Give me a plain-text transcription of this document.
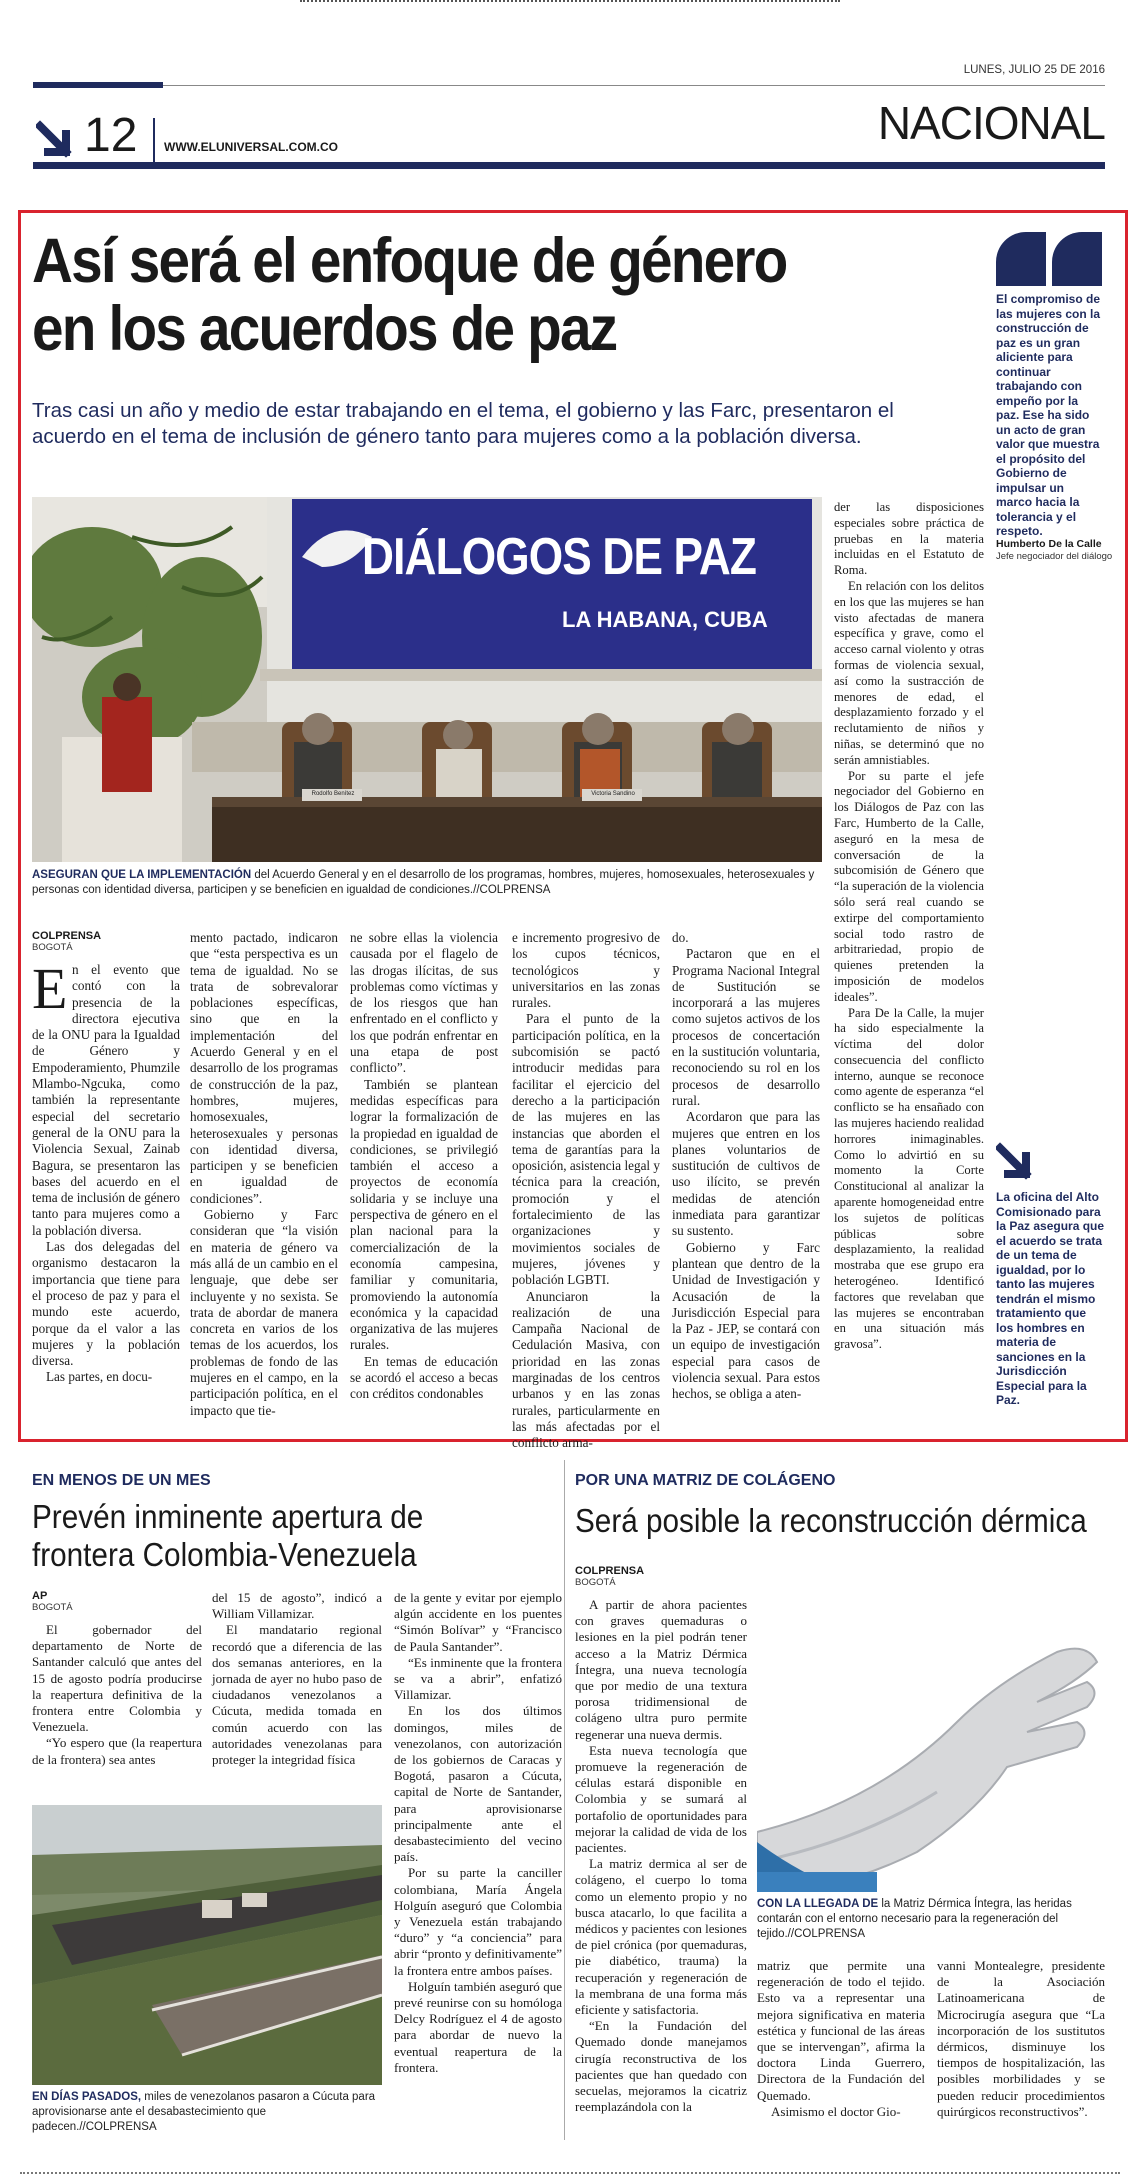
LUNES, JULIO 25 DE 2016
12 WWW.ELUNIVERSAL.COM.CO	NACIONAL
Así será el enfoque de género
en los acuerdos de paz
Tras casi un año y medio de estar trabajando en el tema, el gobierno y las Farc, presentaron el acuerdo en el tema de inclusión de género tanto para mujeres como a la población diversa.
El compromiso de las mujeres con la construcción de paz es un gran aliciente para continuar trabajando con empeño por la paz. Ese ha sido un acto de gran valor que muestra el propósito del Gobierno de impulsar un marco hacia la tolerancia y el respeto.
Humberto De la Calle
Jefe negociador del diálogo
DIÁLOGOS DE PAZ
LA HABANA, CUBA
Rodolfo Benítez	Victoria Sandino
ASEGURAN QUE LA IMPLEMENTACIÓN del Acuerdo General y en el desarrollo de los programas, hombres, mujeres, homosexuales, heterosexuales y personas con identidad diversa, participen y se beneficien en igualdad de condiciones.//COLPRENSA
COLPRENSA
BOGOTÁ
E n el evento que contó con la presencia de la directora ejecutiva de la ONU para la Igualdad de Género y Empoderamiento, Phumzile Mlambo-Ngcuka, como también la representante especial del secretario general de la ONU para la Violencia Sexual, Zainab Bagura, se presentaron las bases del acuerdo en el tema de inclusión de género tanto para mujeres como a la población diversa.

Las dos delegadas del organismo destacaron la importancia que tiene para el proceso de paz y para el mundo este acuerdo, porque da el valor a las mujeres y la población diversa.

Las partes, en docu-

mento pactado, indicaron que “esta perspectiva es un tema de igualdad. No se trata de sobrevalorar poblaciones específicas, sino que en la implementación del Acuerdo General y en el desarrollo de los programas de construcción de la paz, hombres, mujeres, homosexuales, heterosexuales y personas con identidad diversa, participen y se beneficien en igualdad de condiciones”.

Gobierno y Farc consideran que “la visión en materia de género va más allá de un cambio en el lenguaje, que debe ser incluyente y no sexista. Se trata de abordar de manera concreta en varios de los temas de los acuerdos, los problemas de fondo de las mujeres en el campo, en la participación política, en el impacto que tie-

ne sobre ellas la violencia causada por el flagelo de las drogas ilícitas, de sus problemas como víctimas y de los riesgos que han enfrentado en el conflicto y los que podrán enfrentar en una etapa de post conflicto”.

También se plantean medidas específicas para lograr la formalización de la propiedad en igualdad de condiciones, se privilegió también el acceso a proyectos de economía solidaria y se incluye una perspectiva de género en el plan nacional para la comercialización de la economía campesina, familiar y comunitaria, promoviendo la autonomía económica y la capacidad organizativa de las mujeres rurales.

En temas de educación se acordó el acceso a becas con créditos condonables

e incremento progresivo de los cupos técnicos, tecnológicos y universitarios en las zonas rurales.

Para el punto de la participación política, en la subcomisión se pactó introducir medidas para facilitar el ejercicio del derecho a la participación de las mujeres en las instancias que aborden el tema de garantías para la oposición, asistencia legal y técnica para la creación, promoción y el fortalecimiento de las organizaciones y movimientos sociales de mujeres, jóvenes y población LGBTI.

Anunciaron la realización de una Campaña Nacional de Cedulación Masiva, con prioridad en las zonas marginadas de los centros urbanos y en las zonas rurales, particularmente en las más afectadas por el conflicto arma-

do.

Pactaron que en el Programa Nacional Integral de Sustitución se incorporará a las mujeres como sujetos activos de los procesos de concertación en la sustitución voluntaria, reconociendo su rol en los procesos de desarrollo rural.

Acordaron que para las mujeres que entren en los planes voluntarios de sustitución de cultivos de uso ilícito, se prevén medidas de atención inmediata para garantizar su sustento.

Gobierno y Farc plantean que dentro de la Unidad de Investigación y Acusación de la Jurisdicción Especial para la Paz - JEP, se contará con un equipo de investigación especial para casos de violencia sexual. Para estos hechos, se obliga a aten-

der las disposiciones especiales sobre práctica de pruebas en la materia incluidas en el Estatuto de Roma.

En relación con los delitos en los que las mujeres se han visto afectadas de manera específica y grave, como el acceso carnal violento y otras formas de violencia sexual, así como la sustracción de menores de edad, el desplazamiento forzado y el reclutamiento de niños y niñas, se determinó que no serán amnistiables.

Por su parte el jefe negociador del Gobierno en los Diálogos de Paz con las Farc, Humberto de la Calle, aseguró en la mesa de conversación de la subcomisión de Género que “la superación de la violencia sólo será real cuando se extirpe del comportamiento social todo rastro de arbitrariedad, propio de quienes pretenden la imposición de modelos ideales”.

Para De la Calle, la mujer ha sido especialmente la víctima del dolor consecuencia del conflicto interno, aunque se reconoce como agente de esperanza “el conflicto se ha ensañado con las mujeres haciendo realidad horrores inimaginables. Como lo advirtió en su momento la Corte Constitucional al analizar la aparente homogeneidad entre los sujetos de políticas públicas sobre desplazamiento, la realidad mostraba que ese grupo era heterogéneo. Identificó factores que revelaban que las mujeres se encontraban en una situación más gravosa”.

La oficina del Alto Comisionado para la Paz asegura que el acuerdo se trata de un tema de igualdad, por lo tanto las mujeres tendrán el mismo tratamiento que los hombres en materia de sanciones en la Jurisdicción Especial para la Paz.
EN MENOS DE UN MES
Prevén inminente apertura de
frontera Colombia-Venezuela
AP
BOGOTÁ

El gobernador del departamento de Norte de Santander calculó que antes del 15 de agosto podría producirse la reapertura definitiva de la frontera entre Colombia y Venezuela.

“Yo espero que (la reapertura de la frontera) sea antes

del 15 de agosto”, indicó a William Villamizar.

El mandatario regional recordó que a diferencia de las dos semanas anteriores, en la jornada de ayer no hubo paso de ciudadanos venezolanos a Cúcuta, medida tomada en común acuerdo con las autoridades venezolanas para proteger la integridad física

de la gente y evitar por ejemplo algún accidente en los puentes “Simón Bolívar” y “Francisco de Paula Santander”.

“Es inminente que la frontera se va a abrir”, enfatizó Villamizar.

En los dos últimos domingos, miles de venezolanos, con autorización de los gobiernos de Caracas y Bogotá, pasaron a Cúcuta, capital de Norte de Santander, para aprovisionarse principalmente ante el desabastecimiento del vecino país.

Por su parte la canciller colombiana, María Ángela Holguín aseguró que Colombia y Venezuela están trabajando “duro” y “a conciencia” para abrir “pronto y definitivamente” la frontera entre ambos países.

Holguín también aseguró que prevé reunirse con su homóloga Delcy Rodríguez el 4 de agosto para abordar de nuevo la eventual reapertura de la frontera.

EN DÍAS PASADOS, miles de venezolanos pasaron a Cúcuta para aprovisionarse ante el desabastecimiento que padecen.//COLPRENSA
POR UNA MATRIZ DE COLÁGENO
Será posible la reconstrucción dérmica
COLPRENSA
BOGOTÁ

A partir de ahora pacientes con graves quemaduras o lesiones en la piel podrán tener acceso a la Matriz Dérmica Íntegra, una nueva tecnología que por medio de una textura porosa tridimensional de colágeno ultra puro permite regenerar una nueva dermis.

Esta nueva tecnología que promueve la regeneración de células estará disponible en Colombia y se sumará al portafolio de oportunidades para mejorar la calidad de vida de los pacientes.

La matriz dermica al ser de colágeno, el cuerpo lo toma como un elemento propio y no busca atacarlo, lo que facilita a médicos y pacientes con lesiones de piel crónica (por quemaduras, pie diabético, trauma) la recuperación y regeneración de la membrana de una forma más eficiente y satisfactoria.

“En la Fundación del Quemado donde manejamos cirugía reconstructiva de los pacientes que han quedado con secuelas, mejoramos la cicatriz reemplazándola con la

CON LA LLEGADA DE la Matriz Dérmica Íntegra, las heridas contarán con el entorno necesario para la regeneración del tejido.//COLPRENSA

matriz que permite una regeneración de todo el tejido. Esto va a representar una mejora significativa en materia estética y funcional de las áreas que se intervengan”, afirma la doctora Linda Guerrero, Directora de la Fundación del Quemado.

Asimismo el doctor Gio-

vanni Montealegre, presidente de la Asociación Latinoamericana de Microcirugía asegura que “La incorporación de los sustitutos dérmicos, disminuye los tiempos de hospitalización, las posibles morbilidades y se pueden reducir procedimientos quirúrgicos reconstructivos”.
